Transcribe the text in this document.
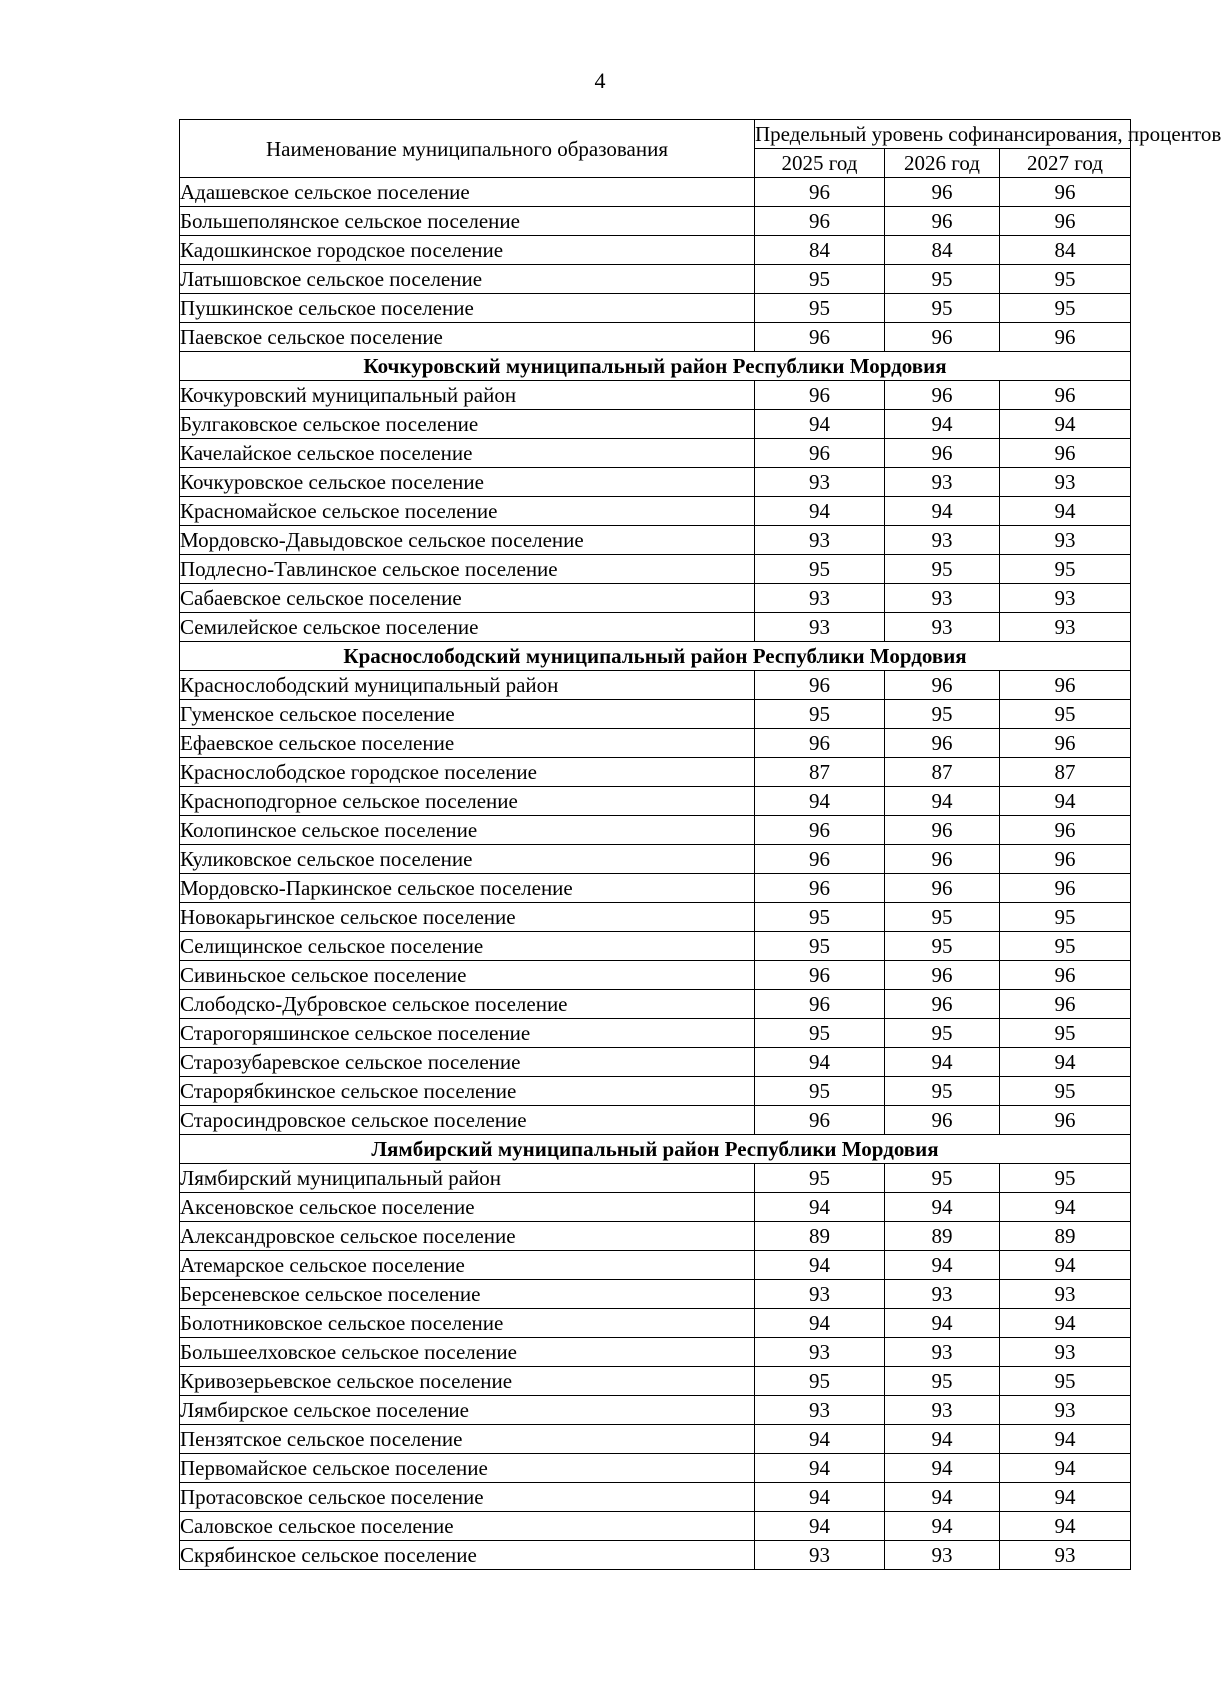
4
Наименование муниципального образования	Предельный уровень софинансирования, процентов		
	2025 год	2026 год	2027 год
Адашевское сельское поселение	96	96	96
Большеполянское сельское поселение	96	96	96
Кадошкинское городское поселение	84	84	84
Латышовское сельское поселение	95	95	95
Пушкинское сельское поселение	95	95	95
Паевское сельское поселение	96	96	96
Кочкуровский муниципальный район Республики Мордовия			
Кочкуровский муниципальный район	96	96	96
Булгаковское сельское поселение	94	94	94
Качелайское сельское поселение	96	96	96
Кочкуровское сельское поселение	93	93	93
Красномайское сельское поселение	94	94	94
Мордовско-Давыдовское сельское поселение	93	93	93
Подлесно-Тавлинское сельское поселение	95	95	95
Сабаевское сельское поселение	93	93	93
Семилейское сельское поселение	93	93	93
Краснослободский муниципальный район Республики Мордовия			
Краснослободский муниципальный район	96	96	96
Гуменское сельское поселение	95	95	95
Ефаевское сельское поселение	96	96	96
Краснослободское городское поселение	87	87	87
Красноподгорное сельское поселение	94	94	94
Колопинское сельское поселение	96	96	96
Куликовское сельское поселение	96	96	96
Мордовско-Паркинское сельское поселение	96	96	96
Новокарьгинское сельское поселение	95	95	95
Селищинское сельское поселение	95	95	95
Сивиньское сельское поселение	96	96	96
Слободско-Дубровское сельское поселение	96	96	96
Старогоряшинское сельское поселение	95	95	95
Старозубаревское сельское поселение	94	94	94
Старорябкинское сельское поселение	95	95	95
Старосиндровское сельское поселение	96	96	96
Лямбирский муниципальный район Республики Мордовия			
Лямбирский муниципальный район	95	95	95
Аксеновское сельское поселение	94	94	94
Александровское сельское поселение	89	89	89
Атемарское сельское поселение	94	94	94
Берсеневское сельское поселение	93	93	93
Болотниковское сельское поселение	94	94	94
Большеелховское сельское поселение	93	93	93
Кривозерьевское сельское поселение	95	95	95
Лямбирское сельское поселение	93	93	93
Пензятское сельское поселение	94	94	94
Первомайское сельское поселение	94	94	94
Протасовское сельское поселение	94	94	94
Саловское сельское поселение	94	94	94
Скрябинское сельское поселение	93	93	93
